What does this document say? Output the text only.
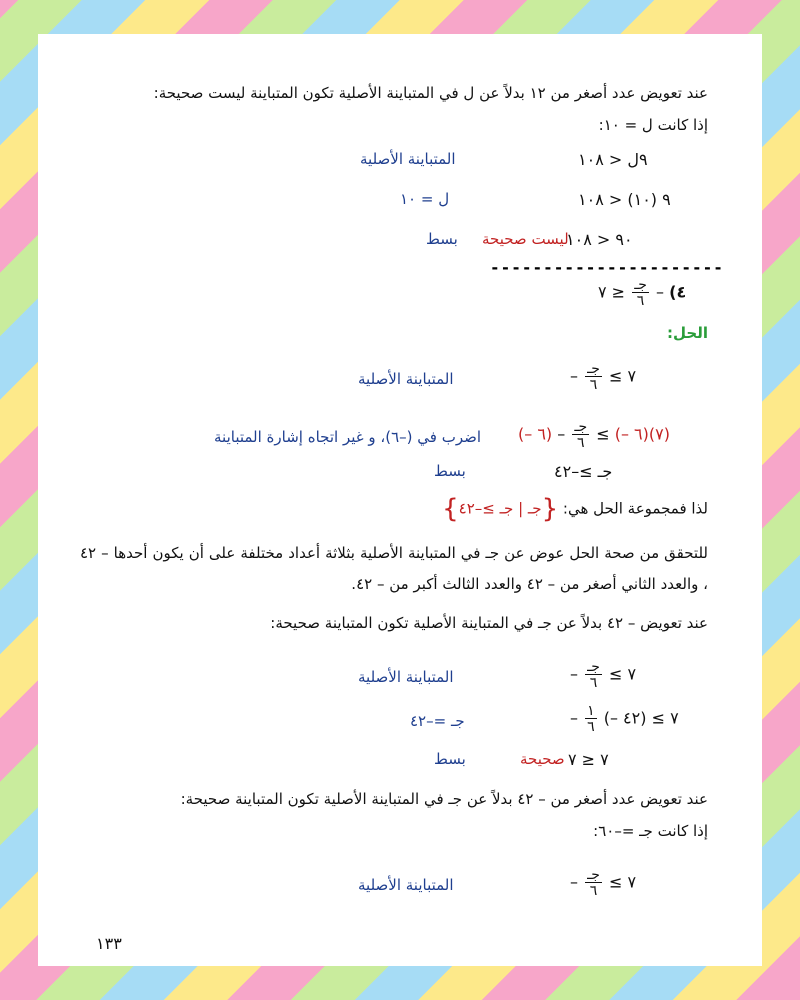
عند تعويض عدد أصغر من ١٢ بدلاً عن ل في المتباينة الأصلية تكون المتباينة ليست صحيحة:
إذا كانت ل = ١٠:
٩ل < ١٠٨
المتباينة الأصلية
٩ (١٠) < ١٠٨
ل = ١٠
٩٠ < ١٠٨
ليست صحيحة
بسط
----------------------
٤) –
$\frac{\text{جـ}}{٦}$
≤ ٧
الحل:
– $\frac{\text{جـ}}{٦}$ ≤ ٧
المتباينة الأصلية
(– ٦) – $\frac{\text{جـ}}{٦}$ ≤ (– ٦)(٧)
اضرب في (–٦)، و غير اتجاه إشارة المتباينة
جـ ≥–٤٢
بسط
لذا فمجموعة الحل هي: {جـ | جـ ≥–٤٢}
للتحقق من صحة الحل عوض عن جـ في المتباينة الأصلية بثلاثة أعداد مختلفة على أن يكون أحدها – ٤٢ ، والعدد الثاني أصغر من – ٤٢ والعدد الثالث أكبر من – ٤٢.
عند تعويض – ٤٢ بدلاً عن جـ في المتباينة الأصلية تكون المتباينة صحيحة:
– $\frac{\text{جـ}}{٦}$ ≤ ٧
المتباينة الأصلية
– $\frac{١}{٦}$ (– ٤٢) ≤ ٧
جـ =–٤٢
٧ ≤ ٧
صحيحة
بسط
عند تعويض عدد أصغر من – ٤٢ بدلاً عن جـ في المتباينة الأصلية تكون المتباينة صحيحة:
إذا كانت جـ =–٦٠:
– $\frac{\text{جـ}}{٦}$ ≤ ٧
المتباينة الأصلية
١٣٣
